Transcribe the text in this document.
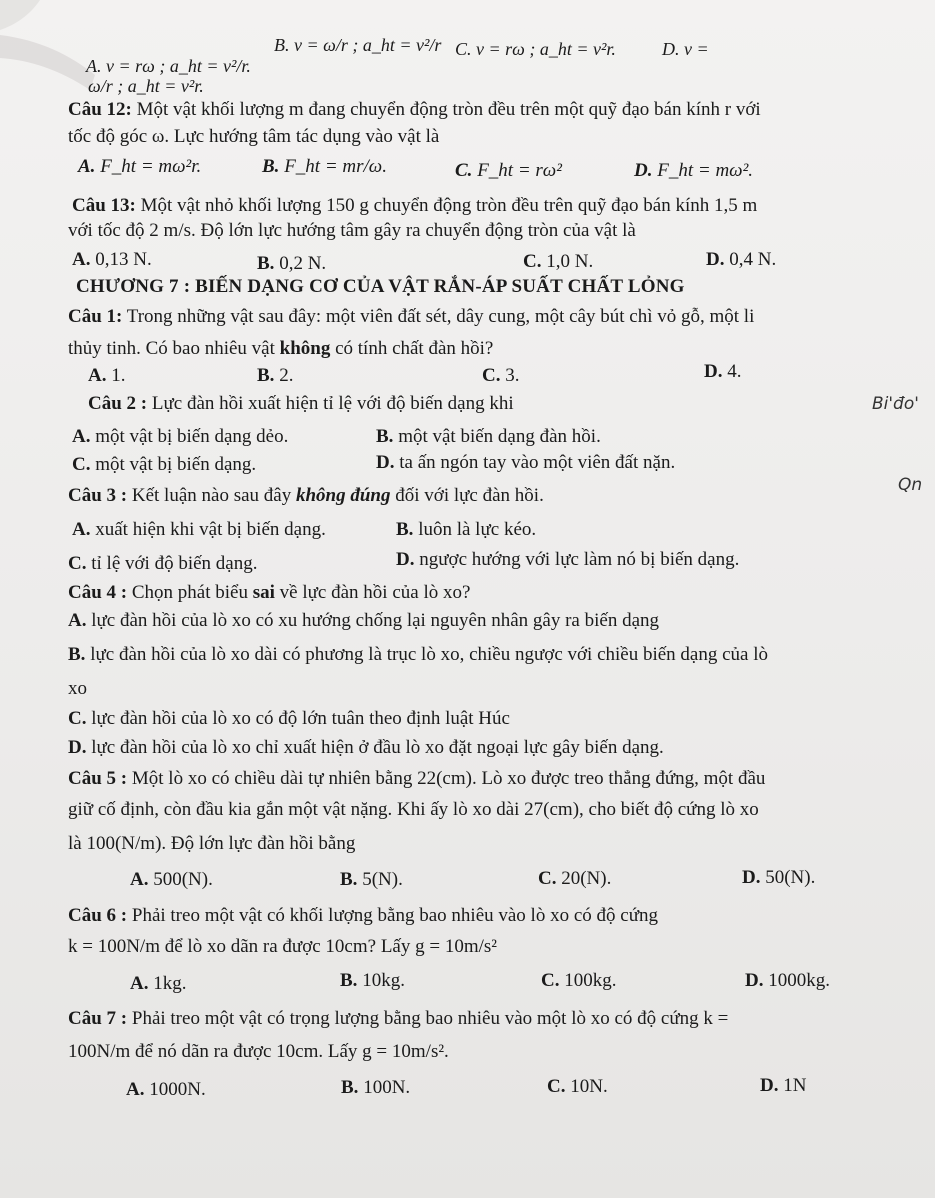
A. v = rω ; a_ht = v²/r.
B. v = ω/r ; a_ht = v²/r C. v = rω ; a_ht = v²r.	D. v =
ω/r ; a_ht = v²r.
Câu 12: Một vật khối lượng m đang chuyển động tròn đều trên một quỹ đạo bán kính r với
tốc độ góc ω. Lực hướng tâm tác dụng vào vật là
A. F_ht = mω²r.	B. F_ht = mr/ω.	C. F_ht = rω²	D. F_ht = mω².
Câu 13: Một vật nhỏ khối lượng 150 g chuyển động tròn đều trên quỹ đạo bán kính 1,5 m
với tốc độ 2 m/s. Độ lớn lực hướng tâm gây ra chuyển động tròn của vật là
A. 0,13 N.	B. 0,2 N.	C. 1,0 N.	D. 0,4 N.
CHƯƠNG 7 : BIẾN DẠNG CƠ CỦA VẬT RẮN-ÁP SUẤT CHẤT LỎNG
Câu 1: Trong những vật sau đây: một viên đất sét, dây cung, một cây bút chì vỏ gỗ, một li
thủy tinh. Có bao nhiêu vật không có tính chất đàn hồi?
A. 1.	B. 2.	C. 3.	D. 4.
Câu 2 : Lực đàn hồi xuất hiện tỉ lệ với độ biến dạng khi	Bi'đo'
A. một vật bị biến dạng dẻo.	B. một vật biến dạng đàn hồi.
C. một vật bị biến dạng.	D. ta ấn ngón tay vào một viên đất nặn.
Câu 3 : Kết luận nào sau đây không đúng đối với lực đàn hồi.	Qn
A. xuất hiện khi vật bị biến dạng.	B. luôn là lực kéo.
C. tỉ lệ với độ biến dạng.	D. ngược hướng với lực làm nó bị biến dạng.
Câu 4 : Chọn phát biểu sai về lực đàn hồi của lò xo?
A. lực đàn hồi của lò xo có xu hướng chống lại nguyên nhân gây ra biến dạng
B. lực đàn hồi của lò xo dài có phương là trục lò xo, chiều ngược với chiều biến dạng của lò
xo
C. lực đàn hồi của lò xo có độ lớn tuân theo định luật Húc
D. lực đàn hồi của lò xo chỉ xuất hiện ở đầu lò xo đặt ngoại lực gây biến dạng.
Câu 5 : Một lò xo có chiều dài tự nhiên bằng 22(cm). Lò xo được treo thẳng đứng, một đầu
giữ cố định, còn đầu kia gắn một vật nặng. Khi ấy lò xo dài 27(cm), cho biết độ cứng lò xo
là 100(N/m). Độ lớn lực đàn hồi bằng
A. 500(N).	B. 5(N).	C. 20(N).	D. 50(N).
Câu 6 : Phải treo một vật có khối lượng bằng bao nhiêu vào lò xo có độ cứng
k = 100N/m để lò xo dãn ra được 10cm? Lấy g = 10m/s²
A. 1kg.	B. 10kg.	C. 100kg.	D. 1000kg.
Câu 7 : Phải treo một vật có trọng lượng bằng bao nhiêu vào một lò xo có độ cứng k =
100N/m để nó dãn ra được 10cm. Lấy g = 10m/s².
A. 1000N.	B. 100N.	C. 10N.	D. 1N
